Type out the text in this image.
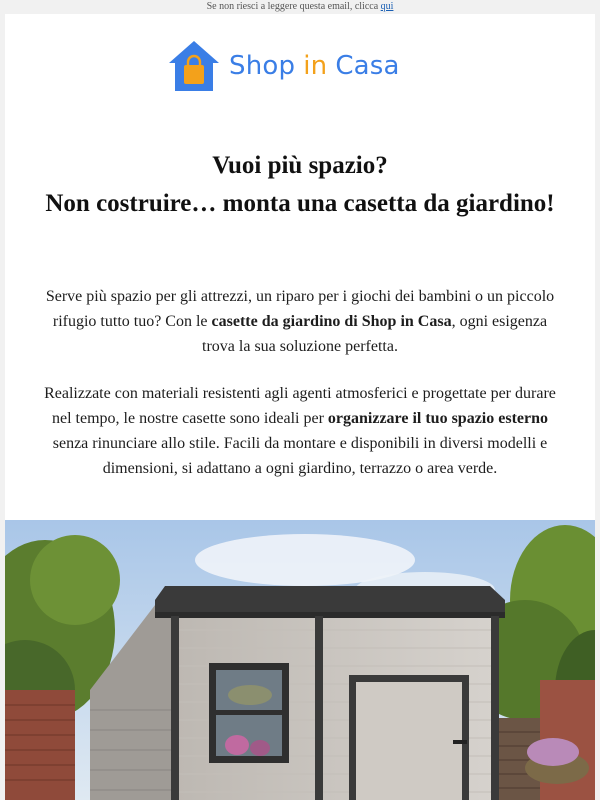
Se non riesci a leggere questa email, clicca qui
Shop in Casa
Vuoi più spazio?
Non costruire… monta una casetta da giardino!

Serve più spazio per gli attrezzi, un riparo per i giochi dei bambini o un piccolo rifugio tutto tuo? Con le casette da giardino di Shop in Casa, ogni esigenza trova la sua soluzione perfetta.

Realizzate con materiali resistenti agli agenti atmosferici e progettate per durare nel tempo, le nostre casette sono ideali per organizzare il tuo spazio esterno senza rinunciare allo stile. Facili da montare e disponibili in diversi modelli e dimensioni, si adattano a ogni giardino, terrazzo o area verde.
